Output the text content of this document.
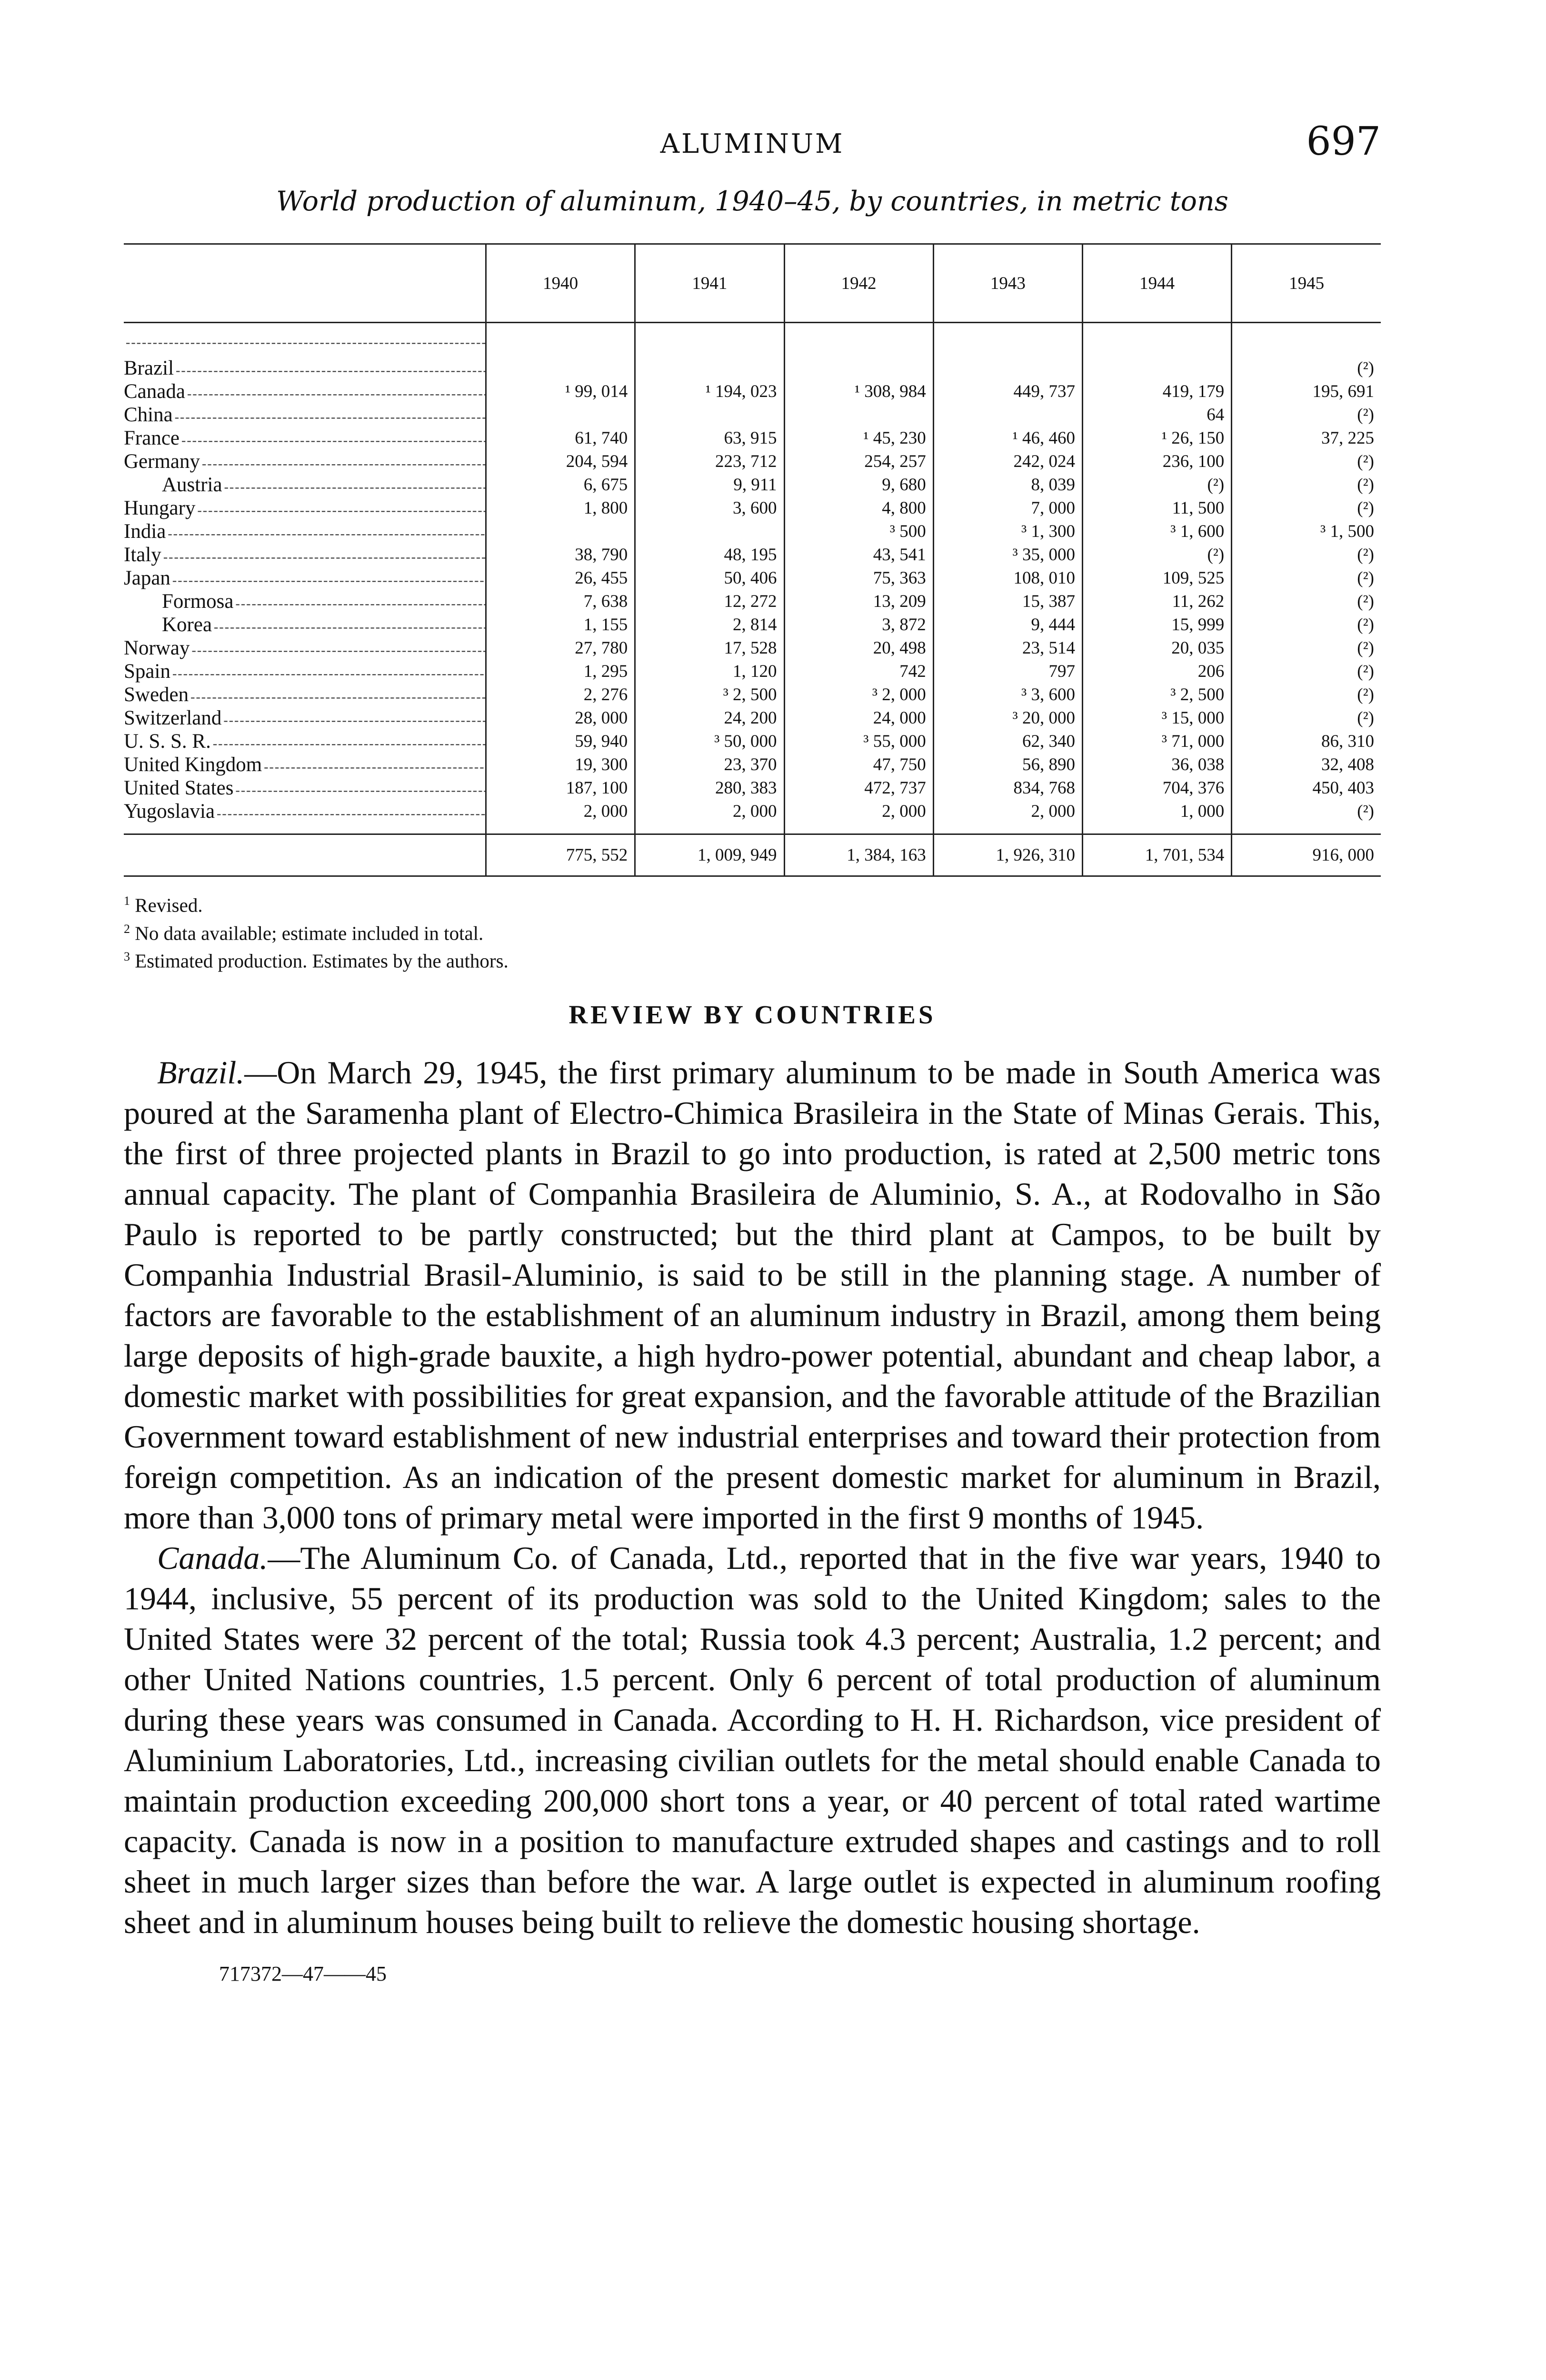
ALUMINUM	697
World production of aluminum, 1940–45, by countries, in metric tons
	1940	1941	1942	1943	1944	1945
-----						
Brazil -----						(²)
Canada -----	¹ 99, 014	¹ 194, 023	¹ 308, 984	449, 737	419, 179	195, 691
China -----					64	(²)
France -----	61, 740	63, 915	¹ 45, 230	¹ 46, 460	¹ 26, 150	37, 225
Germany -----	204, 594	223, 712	254, 257	242, 024	236, 100	(²)
Austria -----	6, 675	9, 911	9, 680	8, 039	(²)	(²)
Hungary -----	1, 800	3, 600	4, 800	7, 000	11, 500	(²)
India -----			³ 500	³ 1, 300	³ 1, 600	³ 1, 500
Italy -----	38, 790	48, 195	43, 541	³ 35, 000	(²)	(²)
Japan -----	26, 455	50, 406	75, 363	108, 010	109, 525	(²)
Formosa -----	7, 638	12, 272	13, 209	15, 387	11, 262	(²)
Korea -----	1, 155	2, 814	3, 872	9, 444	15, 999	(²)
Norway -----	27, 780	17, 528	20, 498	23, 514	20, 035	(²)
Spain -----	1, 295	1, 120	742	797	206	(²)
Sweden -----	2, 276	³ 2, 500	³ 2, 000	³ 3, 600	³ 2, 500	(²)
Switzerland -----	28, 000	24, 200	24, 000	³ 20, 000	³ 15, 000	(²)
U. S. S. R. -----	59, 940	³ 50, 000	³ 55, 000	62, 340	³ 71, 000	86, 310
United Kingdom -----	19, 300	23, 370	47, 750	56, 890	36, 038	32, 408
United States -----	187, 100	280, 383	472, 737	834, 768	704, 376	450, 403
Yugoslavia -----	2, 000	2, 000	2, 000	2, 000	1, 000	(²)

	775, 552	1, 009, 949	1, 384, 163	1, 926, 310	1, 701, 534	916, 000
$^1$ Revised.
$^2$ No data available; estimate included in total.
$^3$ Estimated production. Estimates by the authors.
REVIEW BY COUNTRIES

Brazil.—On March 29, 1945, the first primary aluminum to be made in South America was poured at the Saramenha plant of Electro-Chimica Brasileira in the State of Minas Gerais. This, the first of three projected plants in Brazil to go into production, is rated at 2,500 metric tons annual capacity. The plant of Companhia Brasileira de Aluminio, S. A., at Rodovalho in São Paulo is reported to be partly constructed; but the third plant at Campos, to be built by Companhia Industrial Brasil-Aluminio, is said to be still in the planning stage. A number of factors are favorable to the establishment of an aluminum industry in Brazil, among them being large deposits of high-grade bauxite, a high hydro-power potential, abundant and cheap labor, a domestic market with possibilities for great expansion, and the favorable attitude of the Brazilian Government toward establishment of new industrial enterprises and toward their protection from foreign competition. As an indication of the present domestic market for aluminum in Brazil, more than 3,000 tons of primary metal were imported in the first 9 months of 1945.

Canada.—The Aluminum Co. of Canada, Ltd., reported that in the five war years, 1940 to 1944, inclusive, 55 percent of its production was sold to the United Kingdom; sales to the United States were 32 percent of the total; Russia took 4.3 percent; Australia, 1.2 percent; and other United Nations countries, 1.5 percent. Only 6 percent of total production of aluminum during these years was consumed in Canada. According to H. H. Richardson, vice president of Aluminium Laboratories, Ltd., increasing civilian outlets for the metal should enable Canada to maintain production exceeding 200,000 short tons a year, or 40 percent of total rated wartime capacity. Canada is now in a position to manufacture extruded shapes and castings and to roll sheet in much larger sizes than before the war. A large outlet is expected in aluminum roofing sheet and in aluminum houses being built to relieve the domestic housing shortage.

717372—47——45
